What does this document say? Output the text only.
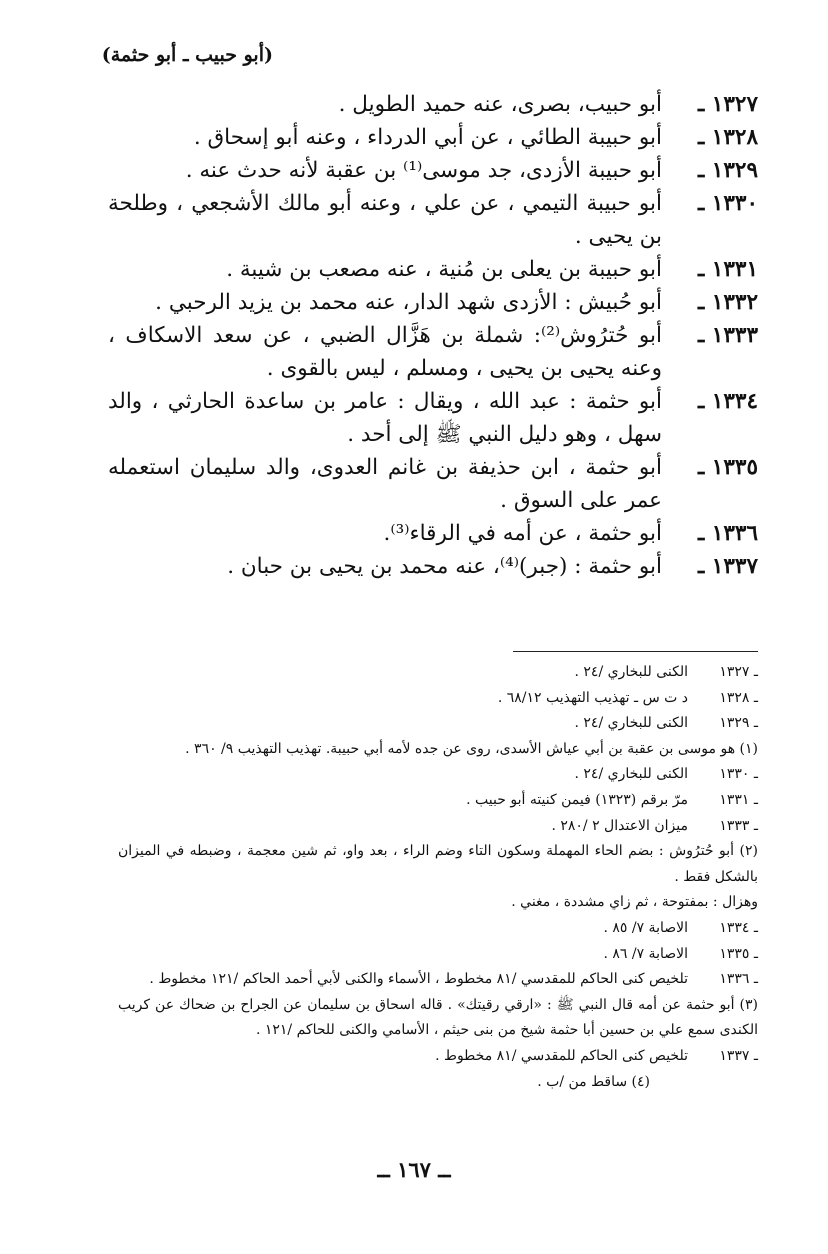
(أبو حبيب ـ أبو حثمة)
١٣٢٧ ـ
أبو حبيب، بصرى، عنه حميد الطويل .
١٣٢٨ ـ
أبو حبيبة الطائي ، عن أبي الدرداء ، وعنه أبو إسحاق .
١٣٢٩ ـ
أبو حبيبة الأزدى، جد موسى⁽¹⁾ بن عقبة لأنه حدث عنه .
١٣٣٠ ـ
أبو حبيبة التيمي ، عن علي ، وعنه أبو مالك الأشجعي ، وطلحة بن يحيى .
١٣٣١ ـ
أبو حبيبة بن يعلى بن مُنية ، عنه مصعب بن شيبة .
١٣٣٢ ـ
أبو حُبيش : الأزدى شهد الدار، عنه محمد بن يزيد الرحبي .
١٣٣٣ ـ
أبو حُترُوش⁽²⁾: شملة بن هَزَّال الضبي ، عن سعد الاسكاف ، وعنه يحيى بن يحيى ، ومسلم ، ليس بالقوى .
١٣٣٤ ـ
أبو حثمة : عبد الله ، ويقال : عامر بن ساعدة الحارثي ، والد سهل ، وهو دليل النبي ﷺ إلى أحد .
١٣٣٥ ـ
أبو حثمة ، ابن حذيفة بن غانم العدوى، والد سليمان استعمله عمر على السوق .
١٣٣٦ ـ
أبو حثمة ، عن أمه في الرقاء⁽³⁾.
١٣٣٧ ـ
أبو حثمة : (جبر)⁽⁴⁾، عنه محمد بن يحيى بن حبان .
ـ ١٣٢٧
الكنى للبخاري /٢٤ .
ـ ١٣٢٨
د ت س ـ تهذيب التهذيب ٦٨/١٢ .
ـ ١٣٢٩
الكنى للبخاري /٢٤ .
(١) هو موسى بن عقبة بن أبي عياش الأسدى، روى عن جده لأمه أبي حبيبة. تهذيب التهذيب ٩/ ٣٦٠ .
ـ ١٣٣٠
الكنى للبخاري /٢٤ .
ـ ١٣٣١
مرّ برقم (١٣٢٣) فيمن كنيته أبو حبيب .
ـ ١٣٣٣
ميزان الاعتدال ٢ /٢٨٠ .
(٢) أبو حُترُوش : بضم الحاء المهملة وسكون التاء وضم الراء ، بعد واو، ثم شين معجمة ، وضبطه في الميزان بالشكل فقط .
وهزال : بمفتوحة ، ثم زاي مشددة ، مغني .
ـ ١٣٣٤
الاصابة ٧/ ٨٥ .
ـ ١٣٣٥
الاصابة ٧/ ٨٦ .
ـ ١٣٣٦
تلخيص كنى الحاكم للمقدسي /٨١ مخطوط ، الأسماء والكنى لأبي أحمد الحاكم /١٢١ مخطوط .
(٣) أبو حثمة عن أمه قال النبي ﷺ : «ارقي رقيتك» . قاله اسحاق بن سليمان عن الجراح بن ضحاك عن كريب الكندى سمع علي بن حسين أبا حثمة شيخ من بنى حيثم ، الأسامي والكنى للحاكم /١٢١ .
ـ ١٣٣٧
تلخيص كنى الحاكم للمقدسي /٨١ مخطوط .
(٤) ساقط من /ب .
ــ ١٦٧ ــ
